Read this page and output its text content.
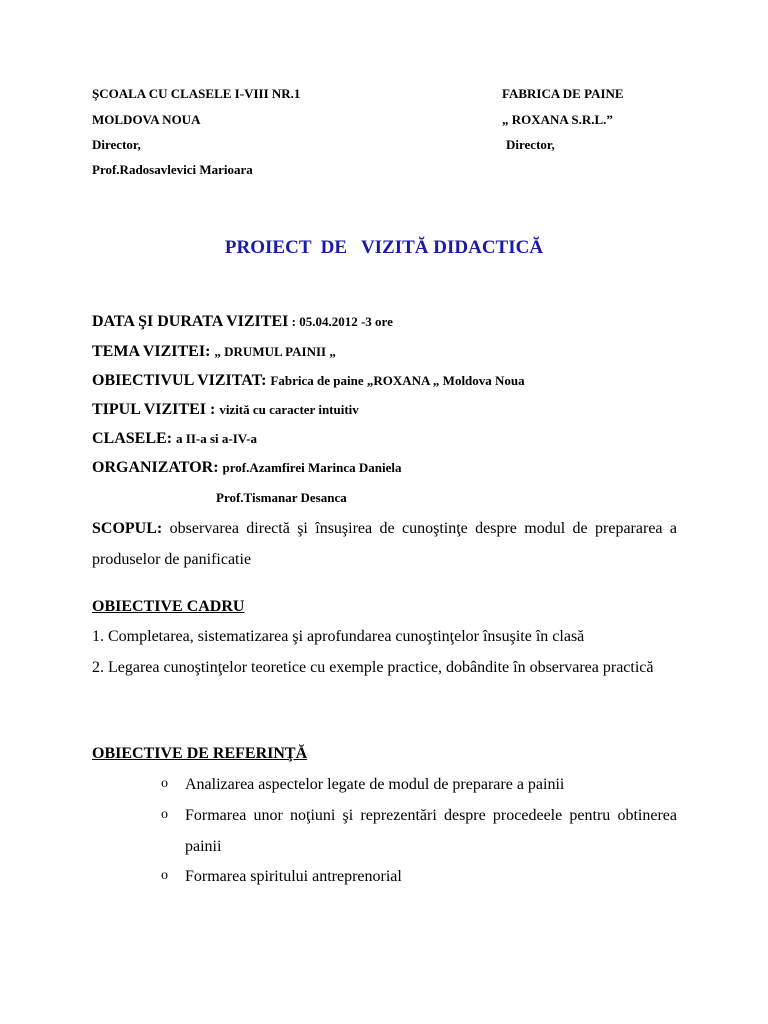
ŞCOALA CU CLASELE I-VIII NR.1
MOLDOVA NOUA
Director,
Prof.Radosavlevici Marioara
FABRICA DE PAINE
„ ROXANA S.R.L.”
Director,
PROIECT  DE   VIZITĂ DIDACTICĂ
DATA ŞI DURATA VIZITEI : 05.04.2012 -3 ore
TEMA VIZITEI: „ DRUMUL PAINII „
OBIECTIVUL VIZITAT: Fabrica de paine „ROXANA „ Moldova Noua
TIPUL VIZITEI : vizită cu caracter intuitiv
CLASELE: a II-a si a-IV-a
ORGANIZATOR: prof.Azamfirei Marinca Daniela
Prof.Tismanar Desanca
SCOPUL: observarea directă şi însuşirea de cunoştinţe despre modul de prepararea a produselor de panificatie
OBIECTIVE CADRU
1. Completarea, sistematizarea şi aprofundarea cunoştinţelor însuşite în clasă
2. Legarea cunoştinţelor teoretice cu exemple practice, dobândite în observarea practică
OBIECTIVE DE REFERINŢĂ
o Analizarea aspectelor legate de modul de preparare a painii
o Formarea unor noţiuni şi reprezentări despre procedeele pentru obtinerea painii
o Formarea spiritului antreprenorial
